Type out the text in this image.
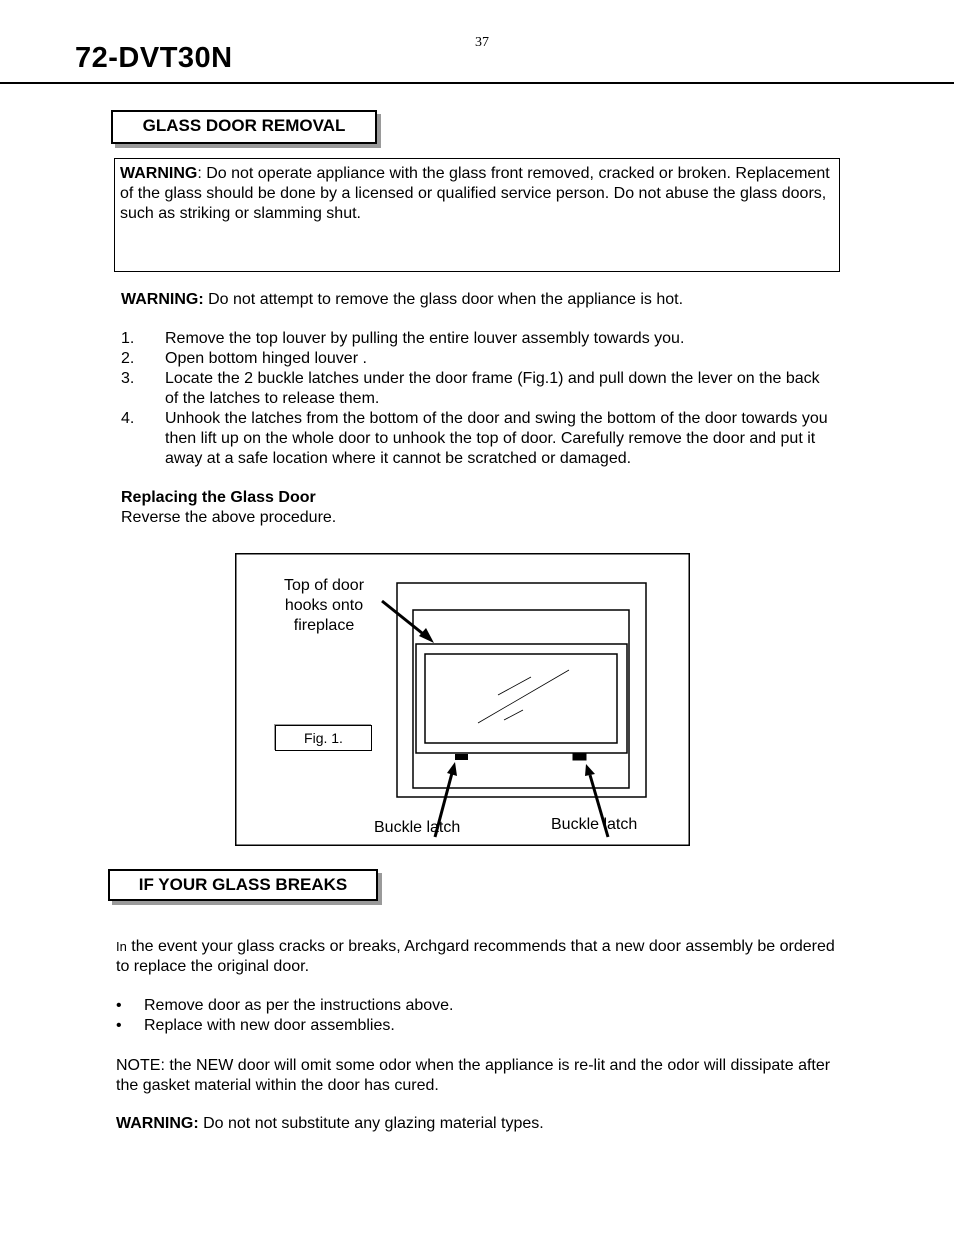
37
72-DVT30N
GLASS DOOR REMOVAL
WARNING: Do not operate appliance with the glass front removed, cracked or broken. Replacement of the glass should be done by a licensed or qualified service person. Do not abuse the glass doors, such as striking or slamming shut.
WARNING: Do not attempt to remove the glass door when the appliance is hot.
1.	Remove the top louver by pulling the entire louver assembly towards you.
2.	Open bottom hinged louver .
3.	Locate the 2 buckle latches under the door frame (Fig.1) and pull down the lever on the back of the latches to release them.
4.	Unhook the latches from the bottom of the door and swing the bottom of the door towards you then lift up on the whole door to unhook the top of door. Carefully remove the door and put it away at a safe location where it cannot be scratched or damaged.
Replacing the Glass Door
Reverse the above procedure.
Top of door
hooks onto
fireplace
Fig. 1.
Buckle latch	Buckle latch
IF YOUR GLASS BREAKS
In the event your glass cracks or breaks, Archgard recommends that a new door assembly be ordered to replace the original door.
•	Remove door as per the instructions above.
•	Replace with new door assemblies.
NOTE: the NEW door will omit some odor when the appliance is re-lit and the odor will dissipate after the gasket material within the door has cured.
WARNING: Do not not substitute any glazing material types.
